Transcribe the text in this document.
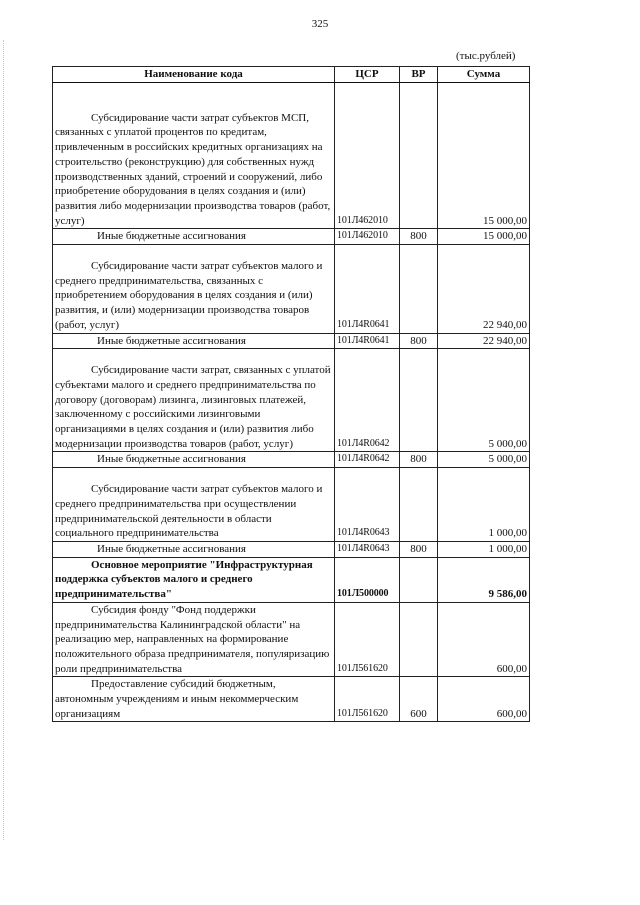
325
(тыс.рублей)
Наименование кода	ЦСР	ВР	Сумма

Субсидирование части затрат субъектов МСП, связанных с уплатой процентов по кредитам, привлеченным в российских кредитных организациях на строительство (реконструкцию) для собственных нужд производственных зданий, строений и сооружений, либо приобретение оборудования в целях создания и (или) развития либо модернизации производства товаров (работ, услуг)	101Л462010		15 000,00
Иные бюджетные ассигнования	101Л462010	800	15 000,00

Субсидирование части затрат субъектов малого и среднего предпринимательства, связанных с приобретением оборудования в целях создания и (или) развития, и (или) модернизации производства товаров (работ, услуг)	101Л4R0641		22 940,00
Иные бюджетные ассигнования	101Л4R0641	800	22 940,00

Субсидирование части затрат, связанных с уплатой субъектами малого и среднего предпринимательства по договору (договорам) лизинга, лизинговых платежей, заключенному с российскими лизинговыми организациями в целях создания и (или) развития либо модернизации производства товаров (работ, услуг)	101Л4R0642		5 000,00
Иные бюджетные ассигнования	101Л4R0642	800	5 000,00

Субсидирование части затрат субъектов малого и среднего предпринимательства при осуществлении предпринимательской деятельности в области социального предпринимательства	101Л4R0643		1 000,00
Иные бюджетные ассигнования	101Л4R0643	800	1 000,00
Основное мероприятие "Инфраструктурная поддержка субъектов малого и среднего предпринимательства"	101Л500000		9 586,00
Субсидия фонду "Фонд поддержки предпринимательства Калининградской области" на реализацию мер, направленных на формирование положительного образа предпринимателя, популяризацию роли предпринимательства	101Л561620		600,00
Предоставление субсидий бюджетным, автономным учреждениям и иным некоммерческим организациям	101Л561620	600	600,00
